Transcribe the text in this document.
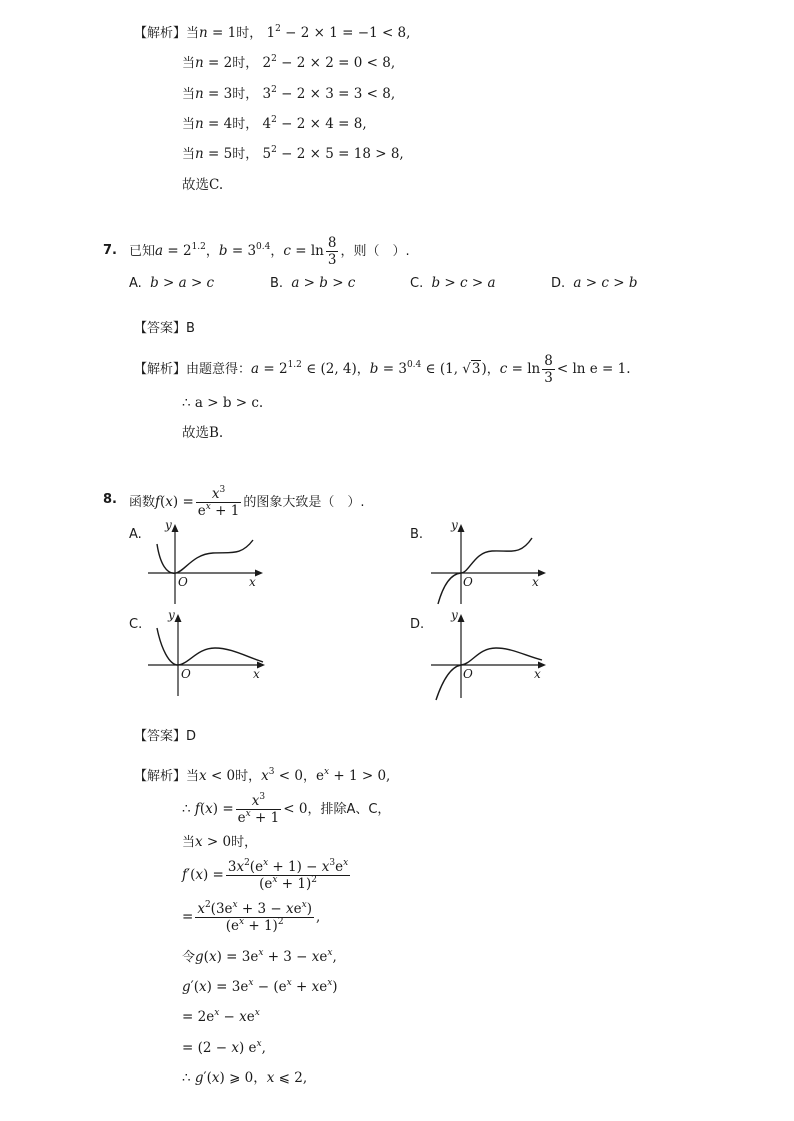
【解析】当n = 1时， $1^2 - 2 \times 1 = -1 < 8$,
当n = 2时， $2^2 - 2 \times 2 = 0 < 8$,
当n = 3时， $3^2 - 2 \times 3 = 3 < 8$,
当n = 4时， $4^2 - 2 \times 4 = 8$,
当n = 5时， $5^2 - 2 \times 5 = 18 > 8$,
故选C.
7. 已知$a = 2^{1.2}$，$b = 3^{0.4}$，$c = \ln \frac{8}{3}$ ，则（　）.
A. b > a > c	B. a > b > c	C. b > c > a	D. a > c > b
【答案】B
【解析】由题意得：$a = 2^{1.2}$ ∈ (2, 4)，$b = 3^{0.4}$ ∈ (1, √3)，$c = \ln \frac{8}{3} < \ln e = 1$.
∴ a > b > c.
故选B.
8. 函数$f(x) = \frac{x^3}{e^x + 1}$ 的图象大致是（　）.
A.	B.
C.	D.
y
O	x
y
O	x
y
O	x
y
O	x
【答案】D
【解析】当x < 0时，$x^3 < 0$，$e^x + 1 > 0$,
∴ $f(x) = \frac{x^3}{e^x + 1} < 0$，排除A、C，
当x > 0时，
$f'(x) = \frac{3x^2(e^x + 1) - x^3e^x}{(e^x + 1)^2}$
= $\frac{x^2(3e^x + 3 - xe^x)}{(e^x + 1)^2}$ ,
令$g(x) = 3e^x + 3 - xe^x$,
$g'(x) = 3e^x - (e^x + xe^x)$
= $2e^x - xe^x$
= (2 − x) $e^x$,
∴ g′(x) ⩾ 0，x ⩽ 2,
